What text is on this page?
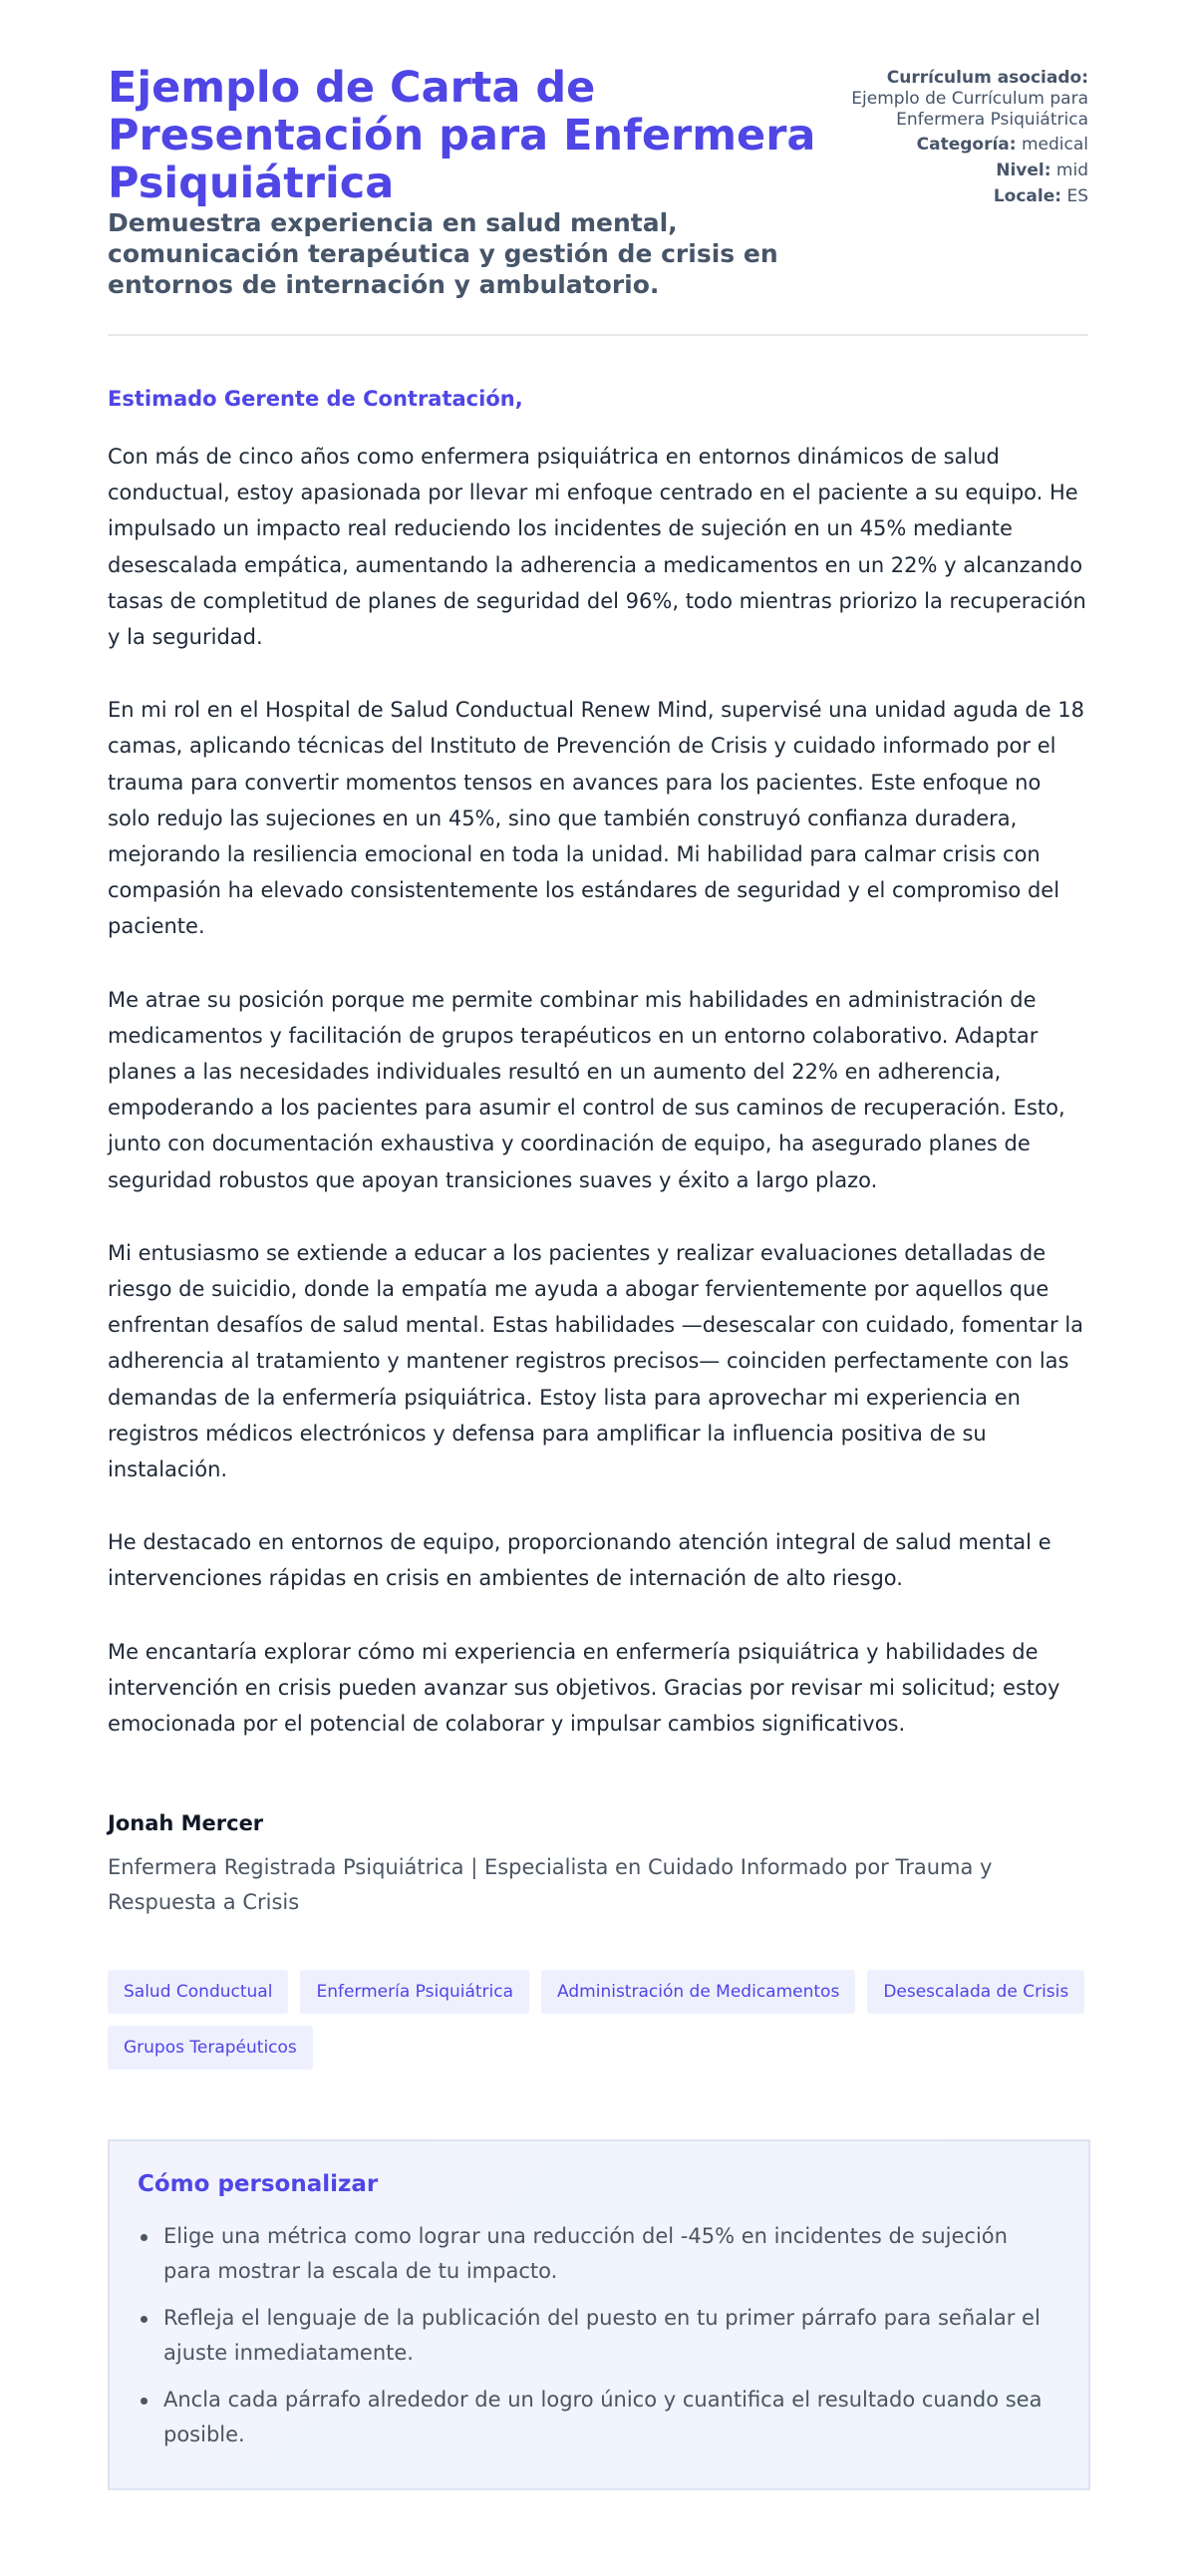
Ejemplo de Carta de Presentación para Enfermera Psiquiátrica
Demuestra experiencia en salud mental, comunicación terapéutica y gestión de crisis en entornos de internación y ambulatorio.

Currículum asociado:
Ejemplo de Currículum para Enfermera Psiquiátrica

Categoría: medical

Nivel: mid

Locale: ES

Estimado Gerente de Contratación,

Con más de cinco años como enfermera psiquiátrica en entornos dinámicos de salud conductual, estoy apasionada por llevar mi enfoque centrado en el paciente a su equipo. He impulsado un impacto real reduciendo los incidentes de sujeción en un 45% mediante desescalada empática, aumentando la adherencia a medicamentos en un 22% y alcanzando tasas de completitud de planes de seguridad del 96%, todo mientras priorizo la recuperación y la seguridad.

En mi rol en el Hospital de Salud Conductual Renew Mind, supervisé una unidad aguda de 18 camas, aplicando técnicas del Instituto de Prevención de Crisis y cuidado informado por el trauma para convertir momentos tensos en avances para los pacientes. Este enfoque no solo redujo las sujeciones en un 45%, sino que también construyó confianza duradera, mejorando la resiliencia emocional en toda la unidad. Mi habilidad para calmar crisis con compasión ha elevado consistentemente los estándares de seguridad y el compromiso del paciente.

Me atrae su posición porque me permite combinar mis habilidades en administración de medicamentos y facilitación de grupos terapéuticos en un entorno colaborativo. Adaptar planes a las necesidades individuales resultó en un aumento del 22% en adherencia, empoderando a los pacientes para asumir el control de sus caminos de recuperación. Esto, junto con documentación exhaustiva y coordinación de equipo, ha asegurado planes de seguridad robustos que apoyan transiciones suaves y éxito a largo plazo.

Mi entusiasmo se extiende a educar a los pacientes y realizar evaluaciones detalladas de riesgo de suicidio, donde la empatía me ayuda a abogar fervientemente por aquellos que enfrentan desafíos de salud mental. Estas habilidades —desescalar con cuidado, fomentar la adherencia al tratamiento y mantener registros precisos— coinciden perfectamente con las demandas de la enfermería psiquiátrica. Estoy lista para aprovechar mi experiencia en registros médicos electrónicos y defensa para amplificar la influencia positiva de su instalación.

He destacado en entornos de equipo, proporcionando atención integral de salud mental e intervenciones rápidas en crisis en ambientes de internación de alto riesgo.

Me encantaría explorar cómo mi experiencia en enfermería psiquiátrica y habilidades de intervención en crisis pueden avanzar sus objetivos. Gracias por revisar mi solicitud; estoy emocionada por el potencial de colaborar y impulsar cambios significativos.

Jonah Mercer

Enfermera Registrada Psiquiátrica | Especialista en Cuidado Informado por Trauma y Respuesta a Crisis

Salud Conductual	Enfermería Psiquiátrica	Administración de Medicamentos	Desescalada de Crisis
Grupos Terapéuticos
Cómo personalizar
Elige una métrica como lograr una reducción del -45% en incidentes de sujeción para mostrar la escala de tu impacto.
Refleja el lenguaje de la publicación del puesto en tu primer párrafo para señalar el ajuste inmediatamente.
Ancla cada párrafo alrededor de un logro único y cuantifica el resultado cuando sea posible.
